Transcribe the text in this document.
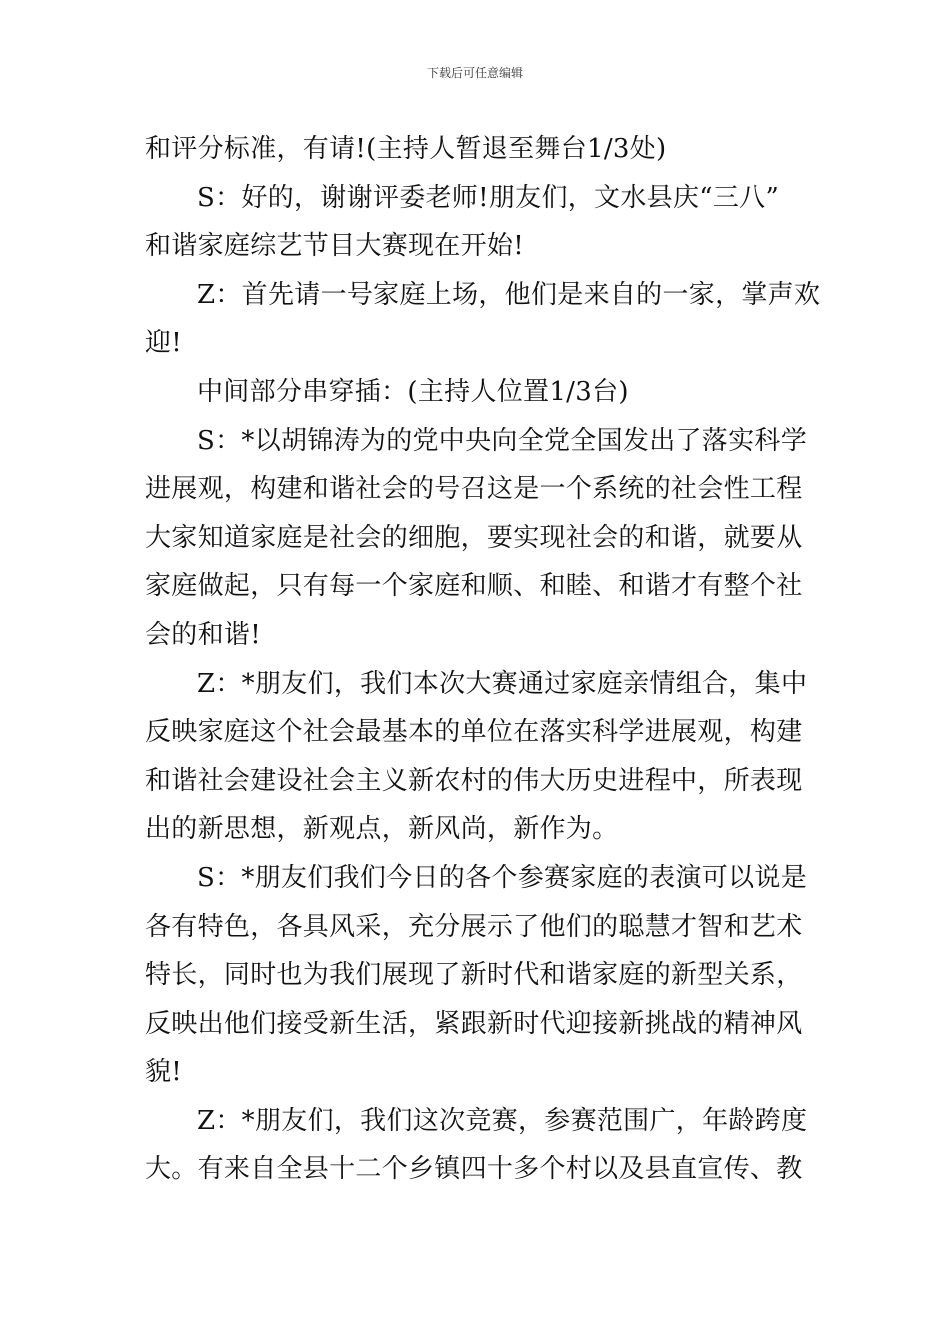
下载后可任意编辑
和评分标准，有请!(主持人暂退至舞台1/3处)
S：好的，谢谢评委老师!朋友们，文水县庆“三八”
和谐家庭综艺节目大赛现在开始!
Z：首先请一号家庭上场，他们是来自的一家，掌声欢
迎!
中间部分串穿插：(主持人位置1/3台)
S：*以胡锦涛为的党中央向全党全国发出了落实科学
进展观，构建和谐社会的号召这是一个系统的社会性工程
大家知道家庭是社会的细胞，要实现社会的和谐，就要从
家庭做起，只有每一个家庭和顺、和睦、和谐才有整个社
会的和谐!
Z：*朋友们，我们本次大赛通过家庭亲情组合，集中
反映家庭这个社会最基本的单位在落实科学进展观，构建
和谐社会建设社会主义新农村的伟大历史进程中，所表现
出的新思想，新观点，新风尚，新作为。
S：*朋友们我们今日的各个参赛家庭的表演可以说是
各有特色，各具风采，充分展示了他们的聪慧才智和艺术
特长，同时也为我们展现了新时代和谐家庭的新型关系，
反映出他们接受新生活，紧跟新时代迎接新挑战的精神风
貌!
Z：*朋友们，我们这次竞赛，参赛范围广，年龄跨度
大。有来自全县十二个乡镇四十多个村以及县直宣传、教
